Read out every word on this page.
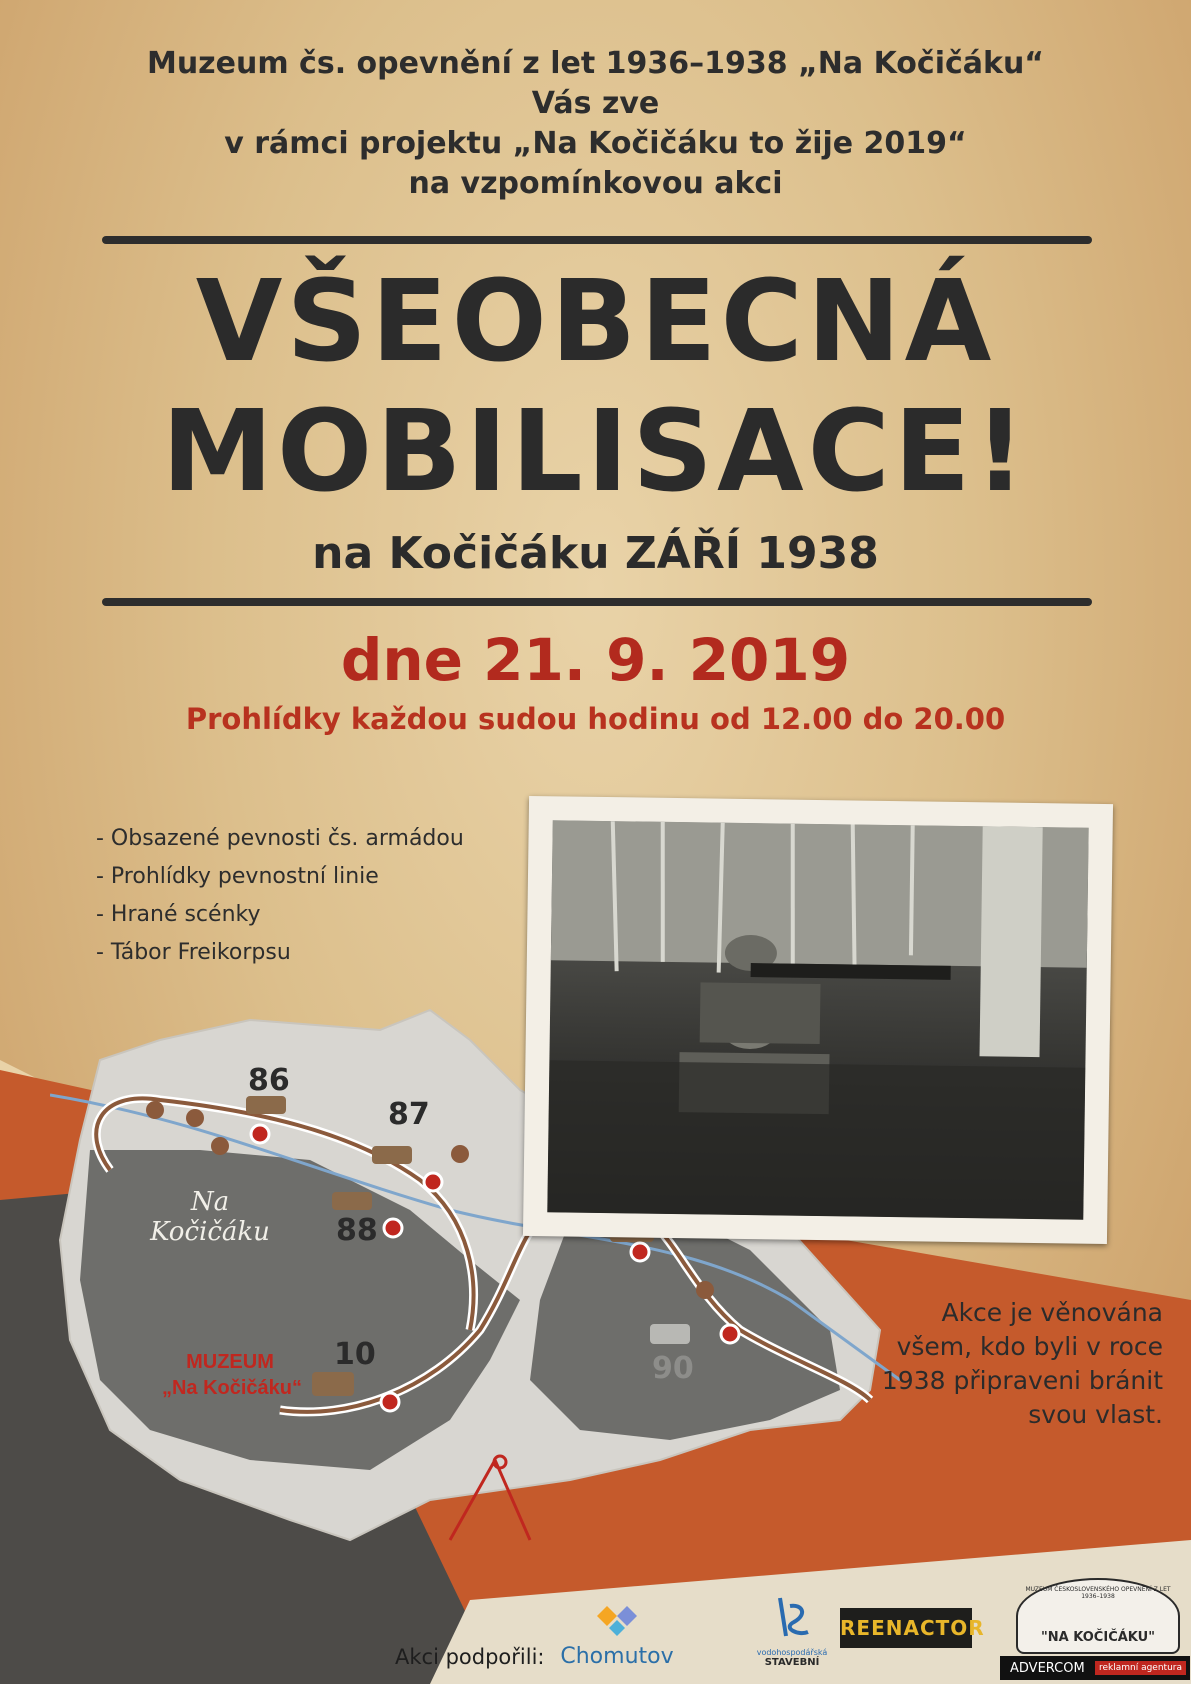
Muzeum čs. opevnění z let 1936–1938 „Na Kočičáku“
Vás zve
v rámci projektu „Na Kočičáku to žije 2019“
na vzpomínkovou akci
VŠEOBECNÁ
MOBILISACE!
na Kočičáku ZÁŘÍ 1938
dne 21. 9. 2019
Prohlídky každou sudou hodinu od 12.00 do 20.00
- Obsazené pevnosti čs. armádou
- Prohlídky pevnostní linie
- Hrané scénky
- Tábor Freikorpsu
86
87
88
10	90
Na
Kočičáku
MUZEUM
„Na Kočičáku“
Akce je věnována
všem, kdo byli v roce
1938 připraveni bránit
svou vlast.
Akci podpořili: Chomutov	vodohospodářská
STAVEBNÍ
REENACTOR
MUZEUM ČESKOSLOVENSKÉHO OPEVNĚNÍ Z LET 1936–1938
"NA KOČIČÁKU"
ADVERCOM	reklamní agentura
